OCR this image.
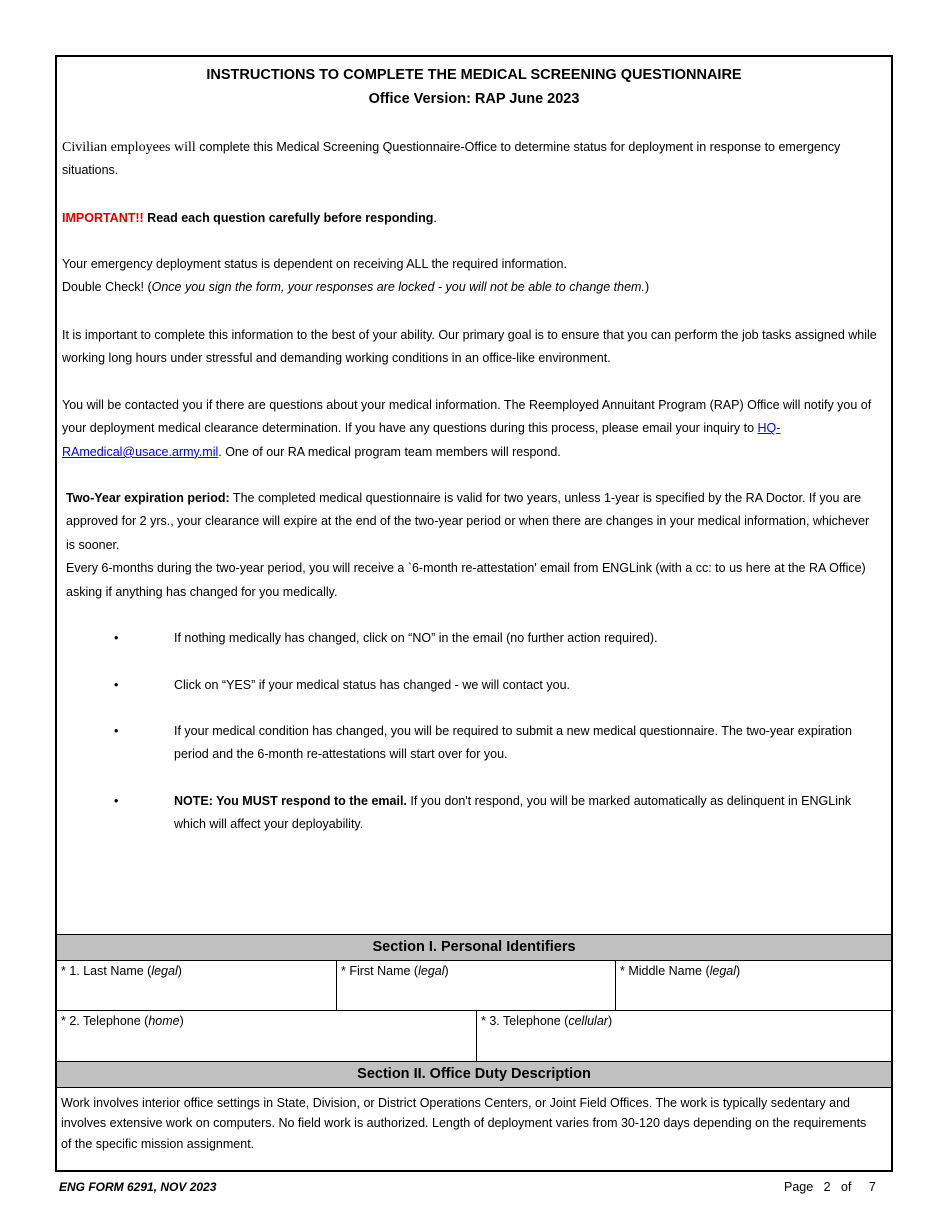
INSTRUCTIONS TO COMPLETE THE MEDICAL SCREENING QUESTIONNAIRE
Office Version: RAP June 2023
Civilian employees will complete this Medical Screening Questionnaire-Office to determine status for deployment in response to emergency situations.
IMPORTANT!! Read each question carefully before responding.
Your emergency deployment status is dependent on receiving ALL the required information.
Double Check! (Once you sign the form, your responses are locked - you will not be able to change them.)
It is important to complete this information to the best of your ability. Our primary goal is to ensure that you can perform the job tasks assigned while working long hours under stressful and demanding working conditions in an office-like environment.
You will be contacted you if there are questions about your medical information. The Reemployed Annuitant Program (RAP) Office will notify you of your deployment medical clearance determination. If you have any questions during this process, please email your inquiry to HQ-RAmedical@usace.army.mil. One of our RA medical program team members will respond.
Two-Year expiration period: The completed medical questionnaire is valid for two years, unless 1-year is specified by the RA Doctor. If you are approved for 2 yrs., your clearance will expire at the end of the two-year period or when there are changes in your medical information, whichever is sooner.
Every 6-months during the two-year period, you will receive a `6-month re-attestation' email from ENGLink (with a cc: to us here at the RA Office) asking if anything has changed for you medically.
•	If nothing medically has changed, click on “NO” in the email (no further action required).
•	Click on “YES” if your medical status has changed - we will contact you.
•	If your medical condition has changed, you will be required to submit a new medical questionnaire. The two-year expiration period and the 6-month re-attestations will start over for you.
•	NOTE: You MUST respond to the email. If you don't respond, you will be marked automatically as delinquent in ENGLink which will affect your deployability.
Section I. Personal Identifiers
* 1. Last Name (legal)	* First Name (legal)	* Middle Name (legal)
* 2. Telephone (home)	* 3. Telephone (cellular)
Section II. Office Duty Description
Work involves interior office settings in State, Division, or District Operations Centers, or Joint Field Offices. The work is typically sedentary and involves extensive work on computers. No field work is authorized. Length of deployment varies from 30-120 days depending on the requirements of the specific mission assignment.
ENG FORM 6291, NOV 2023	Page 2 of 7
